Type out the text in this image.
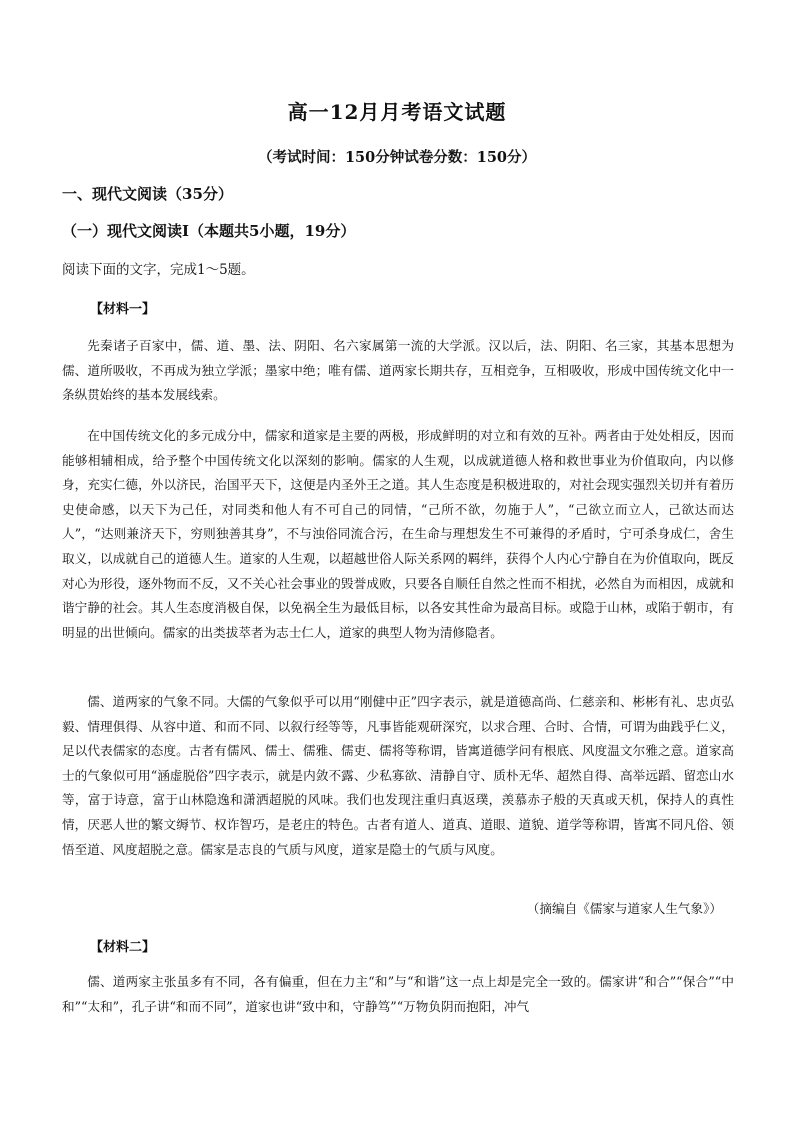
高一12月月考语文试题
（考试时间：150分钟试卷分数：150分）
一、现代文阅读（35分）
（一）现代文阅读Ⅰ（本题共5小题，19分）
阅读下面的文字，完成1～5题。
【材料一】

先秦诸子百家中，儒、道、墨、法、阴阳、名六家属第一流的大学派。汉以后，法、阴阳、名三家，其基本思想为儒、道所吸收，不再成为独立学派；墨家中绝；唯有儒、道两家长期共存，互相竞争，互相吸收，形成中国传统文化中一条纵贯始终的基本发展线索。

在中国传统文化的多元成分中，儒家和道家是主要的两极，形成鲜明的对立和有效的互补。两者由于处处相反，因而能够相辅相成，给予整个中国传统文化以深刻的影响。儒家的人生观，以成就道德人格和救世事业为价值取向，内以修身，充实仁德，外以济民，治国平天下，这便是内圣外王之道。其人生态度是积极进取的，对社会现实强烈关切并有着历史使命感，以天下为己任，对同类和他人有不可自己的同情，“己所不欲，勿施于人”，“己欲立而立人，己欲达而达人”，“达则兼济天下，穷则独善其身”，不与浊俗同流合污，在生命与理想发生不可兼得的矛盾时，宁可杀身成仁，舍生取义，以成就自己的道德人生。道家的人生观，以超越世俗人际关系网的羁绊，获得个人内心宁静自在为价值取向，既反对心为形役，逐外物而不反，又不关心社会事业的毁誉成败，只要各自顺任自然之性而不相扰，必然自为而相因，成就和谐宁静的社会。其人生态度消极自保，以免祸全生为最低目标，以各安其性命为最高目标。或隐于山林，或陷于朝市，有明显的出世倾向。儒家的出类拔萃者为志士仁人，道家的典型人物为清修隐者。

儒、道两家的气象不同。大儒的气象似乎可以用“刚健中正”四字表示，就是道德高尚、仁慈亲和、彬彬有礼、忠贞弘毅、情理俱得、从容中道、和而不同、以叙行经等等，凡事皆能观研深究，以求合理、合时、合情，可谓为曲践乎仁义，足以代表儒家的态度。古者有儒风、儒士、儒雅、儒吏、儒将等称谓，皆寓道德学问有根底、风度温文尔雅之意。道家高士的气象似可用“涵虚脱俗”四字表示，就是内敛不露、少私寡欲、清静自守、质朴无华、超然自得、高举远蹈、留恋山水等，富于诗意，富于山林隐逸和潇洒超脱的风味。我们也发现注重归真返璞，羡慕赤子般的天真或天机，保持人的真性情，厌恶人世的繁文缛节、权诈智巧，是老庄的特色。古者有道人、道真、道眼、道貌、道学等称谓，皆寓不同凡俗、领悟至道、风度超脱之意。儒家是志良的气质与风度，道家是隐士的气质与风度。

（摘编自《儒家与道家人生气象》）
【材料二】

儒、道两家主张虽多有不同，各有偏重，但在力主“和”与“和谐”这一点上却是完全一致的。儒家讲“和合”“保合”“中和”“太和”，孔子讲“和而不同”，道家也讲“致中和，守静笃”“万物负阴而抱阳，冲气
